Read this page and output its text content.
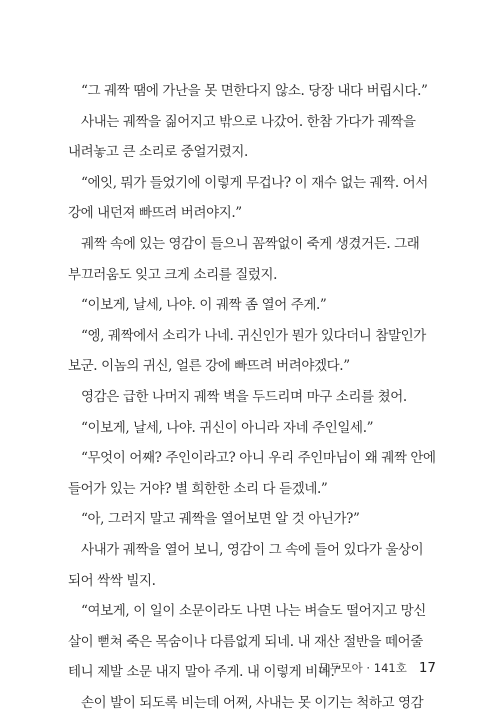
“그 궤짝 땜에 가난을 못 면한다지 않소. 당장 내다 버립시다.”

사내는 궤짝을 짊어지고 밖으로 나갔어. 한참 가다가 궤짝을
내려놓고 큰 소리로 중얼거렸지.

“에잇, 뭐가 들었기에 이렇게 무겁나? 이 재수 없는 궤짝. 어서
강에 내던져 빠뜨려 버려야지.”

궤짝 속에 있는 영감이 들으니 꼼짝없이 죽게 생겼거든. 그래
부끄러움도 잊고 크게 소리를 질렀지.

“이보게, 날세, 나야. 이 궤짝 좀 열어 주게.”

“엥, 궤짝에서 소리가 나네. 귀신인가 뭔가 있다더니 참말인가
보군. 이놈의 귀신, 얼른 강에 빠뜨려 버려야겠다.”

영감은 급한 나머지 궤짝 벽을 두드리며 마구 소리를 쳤어.

“이보게, 날세, 나야. 귀신이 아니라 자네 주인일세.”

“무엇이 어째? 주인이라고? 아니 우리 주인마님이 왜 궤짝 안에
들어가 있는 거야? 별 희한한 소리 다 듣겠네.”

“아, 그러지 말고 궤짝을 열어보면 알 것 아닌가?”

사내가 궤짝을 열어 보니, 영감이 그 속에 들어 있다가 울상이
되어 싹싹 빌지.

“여보게, 이 일이 소문이라도 나면 나는 벼슬도 떨어지고 망신
살이 뻗쳐 죽은 목숨이나 다름없게 되네. 내 재산 절반을 떼어줄
테니 제발 소문 내지 말아 주게. 내 이렇게 비네.”

손이 발이 되도록 비는데 어쩌, 사내는 못 이기는 척하고 영감

모두모아 · 141호 17
